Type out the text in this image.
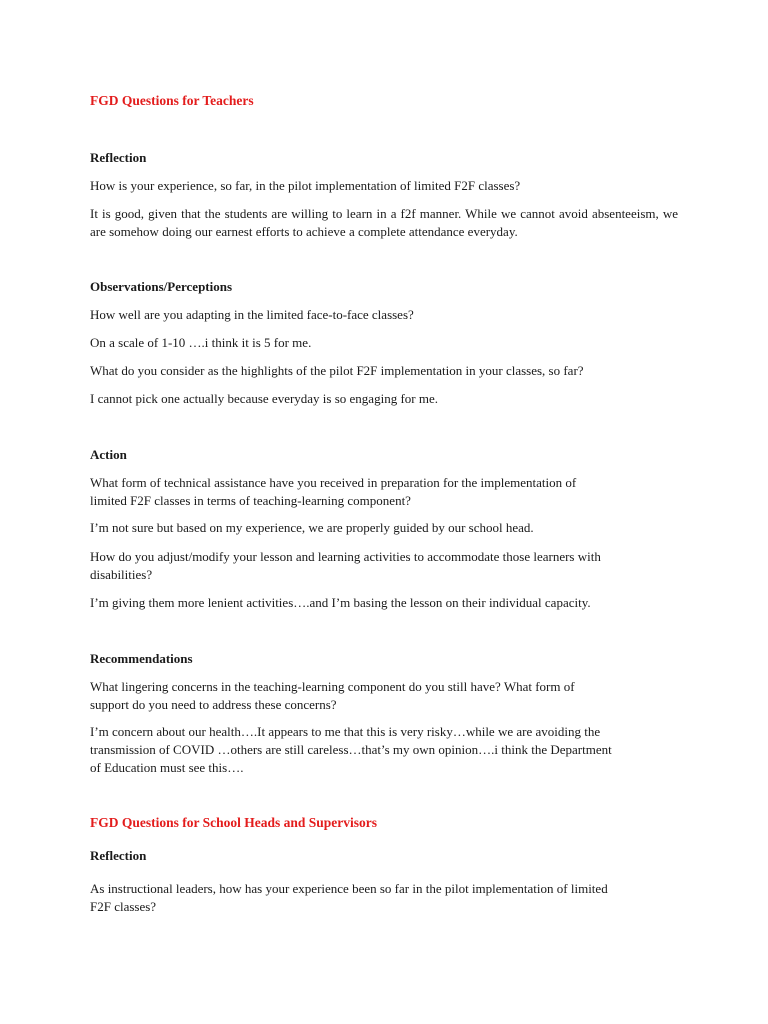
FGD Questions for Teachers
Reflection
How is your experience, so far, in the pilot implementation of limited F2F classes?
It is good, given that the students are willing to learn in a f2f manner. While we cannot avoid absenteeism, we are somehow doing our earnest efforts to achieve a complete attendance everyday.
Observations/Perceptions
How well are you adapting in the limited face-to-face classes?
On a scale of 1-10 ….i think it is 5 for me.
What do you consider as the highlights of the pilot F2F implementation in your classes, so far?
I cannot pick one actually because everyday is so engaging for me.
Action
What form of technical assistance have you received in preparation for the implementation of
limited F2F classes in terms of teaching-learning component?
I’m not sure but based on my experience, we are properly guided by our school head.
How do you adjust/modify your lesson and learning activities to accommodate those learners with
disabilities?
I’m giving them more lenient activities….and I’m basing the lesson on their individual capacity.
Recommendations
What lingering concerns in the teaching-learning component do you still have? What form of
support do you need to address these concerns?
I’m concern about our health….It appears to me that this is very risky…while we are avoiding the
transmission of COVID …others are still careless…that’s my own opinion….i think the Department
of Education must see this….
FGD Questions for School Heads and Supervisors
Reflection
As instructional leaders, how has your experience been so far in the pilot implementation of limited
F2F classes?
